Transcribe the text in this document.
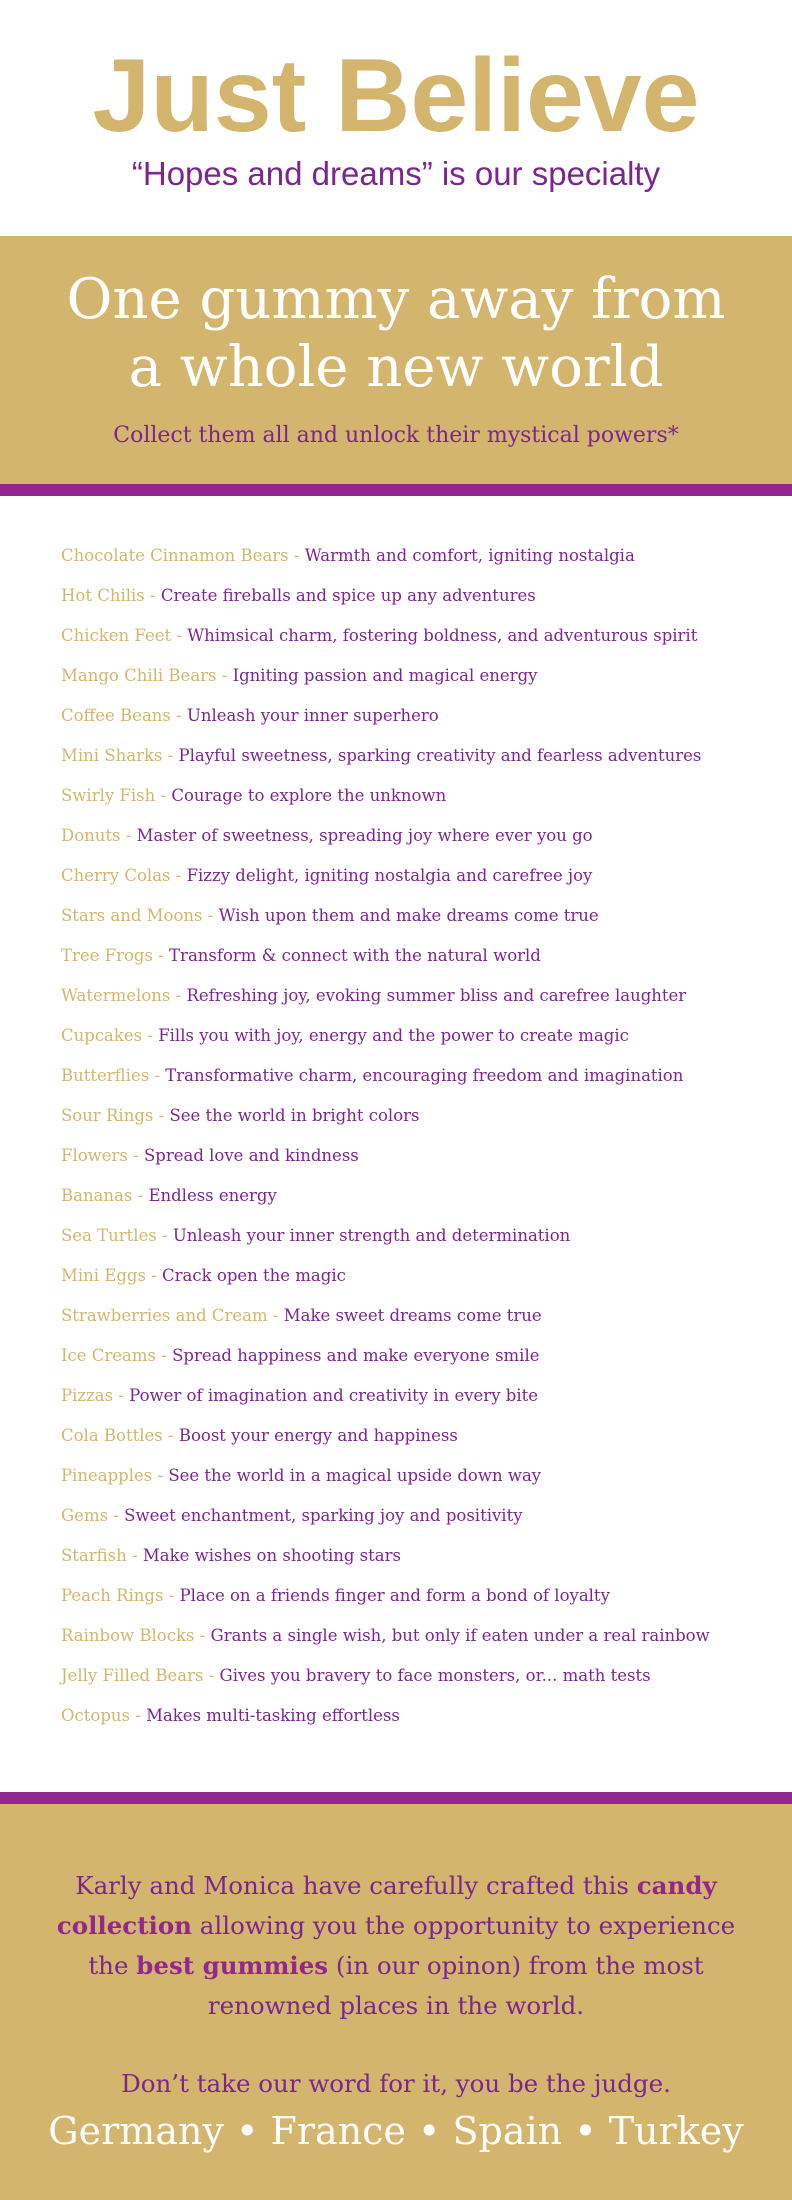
Just Believe
“Hopes and dreams” is our specialty
One gummy away from
a whole new world
Collect them all and unlock their mystical powers*
Chocolate Cinnamon Bears - Warmth and comfort, igniting nostalgia
Hot Chilis - Create fireballs and spice up any adventures
Chicken Feet - Whimsical charm, fostering boldness, and adventurous spirit
Mango Chili Bears - Igniting passion and magical energy
Coffee Beans - Unleash your inner superhero
Mini Sharks - Playful sweetness, sparking creativity and fearless adventures
Swirly Fish - Courage to explore the unknown
Donuts - Master of sweetness, spreading joy where ever you go
Cherry Colas - Fizzy delight, igniting nostalgia and carefree joy
Stars and Moons - Wish upon them and make dreams come true
Tree Frogs - Transform & connect with the natural world
Watermelons - Refreshing joy, evoking summer bliss and carefree laughter
Cupcakes - Fills you with joy, energy and the power to create magic
Butterflies - Transformative charm, encouraging freedom and imagination
Sour Rings - See the world in bright colors
Flowers - Spread love and kindness
Bananas - Endless energy
Sea Turtles - Unleash your inner strength and determination
Mini Eggs - Crack open the magic
Strawberries and Cream - Make sweet dreams come true
Ice Creams - Spread happiness and make everyone smile
Pizzas - Power of imagination and creativity in every bite
Cola Bottles - Boost your energy and happiness
Pineapples - See the world in a magical upside down way
Gems - Sweet enchantment, sparking joy and positivity
Starfish - Make wishes on shooting stars
Peach Rings - Place on a friends finger and form a bond of loyalty
Rainbow Blocks - Grants a single wish, but only if eaten under a real rainbow
Jelly Filled Bears - Gives you bravery to face monsters, or... math tests
Octopus - Makes multi-tasking effortless
Karly and Monica have carefully crafted this candy collection allowing you the opportunity to experience the best gummies (in our opinon) from the most renowned places in the world.
Don’t take our word for it, you be the judge.
Germany • France • Spain • Turkey
